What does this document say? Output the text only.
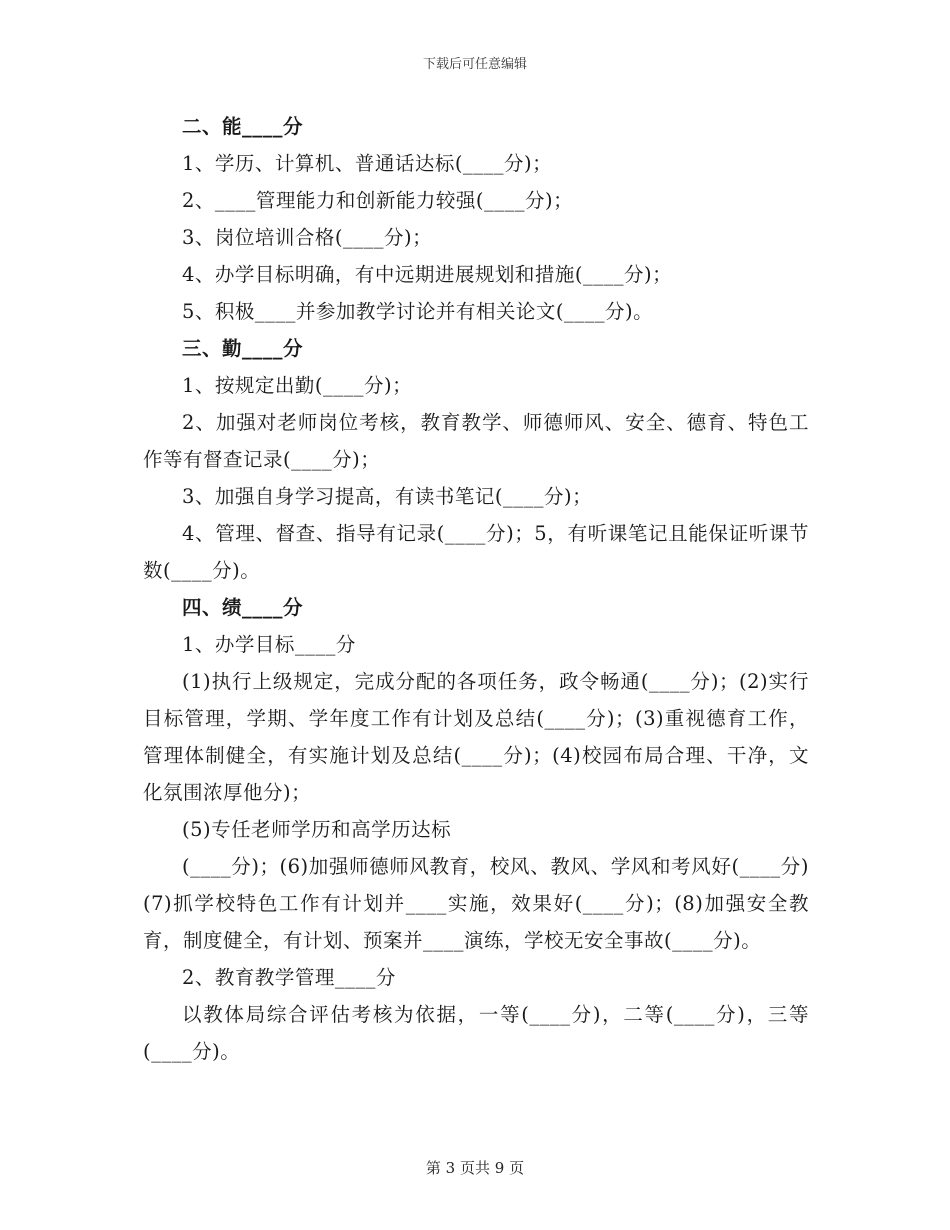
下载后可任意编辑

二、能____分

1、学历、计算机、普通话达标(____分)；

2、____管理能力和创新能力较强(____分)；

3、岗位培训合格(____分)；

4、办学目标明确，有中远期进展规划和措施(____分)；

5、积极____并参加教学讨论并有相关论文(____分)。

三、勤____分

1、按规定出勤(____分)；

2、加强对老师岗位考核，教育教学、师德师风、安全、德育、特色工作等有督查记录(____分)；

3、加强自身学习提高，有读书笔记(____分)；

4、管理、督查、指导有记录(____分)；5，有听课笔记且能保证听课节数(____分)。

四、绩____分

1、办学目标____分

(1)执行上级规定，完成分配的各项任务，政令畅通(____分)；(2)实行目标管理，学期、学年度工作有计划及总结(____分)；(3)重视德育工作，管理体制健全，有实施计划及总结(____分)；(4)校园布局合理、干净，文化氛围浓厚他分)；

(5)专任老师学历和高学历达标

(____分)；(6)加强师德师风教育，校风、教风、学风和考风好(____分)(7)抓学校特色工作有计划并____实施，效果好(____分)；(8)加强安全教育，制度健全，有计划、预案并____演练，学校无安全事故(____分)。

2、教育教学管理____分

以教体局综合评估考核为依据，一等(____分)，二等(____分)，三等(____分)。

第 3 页共 9 页
